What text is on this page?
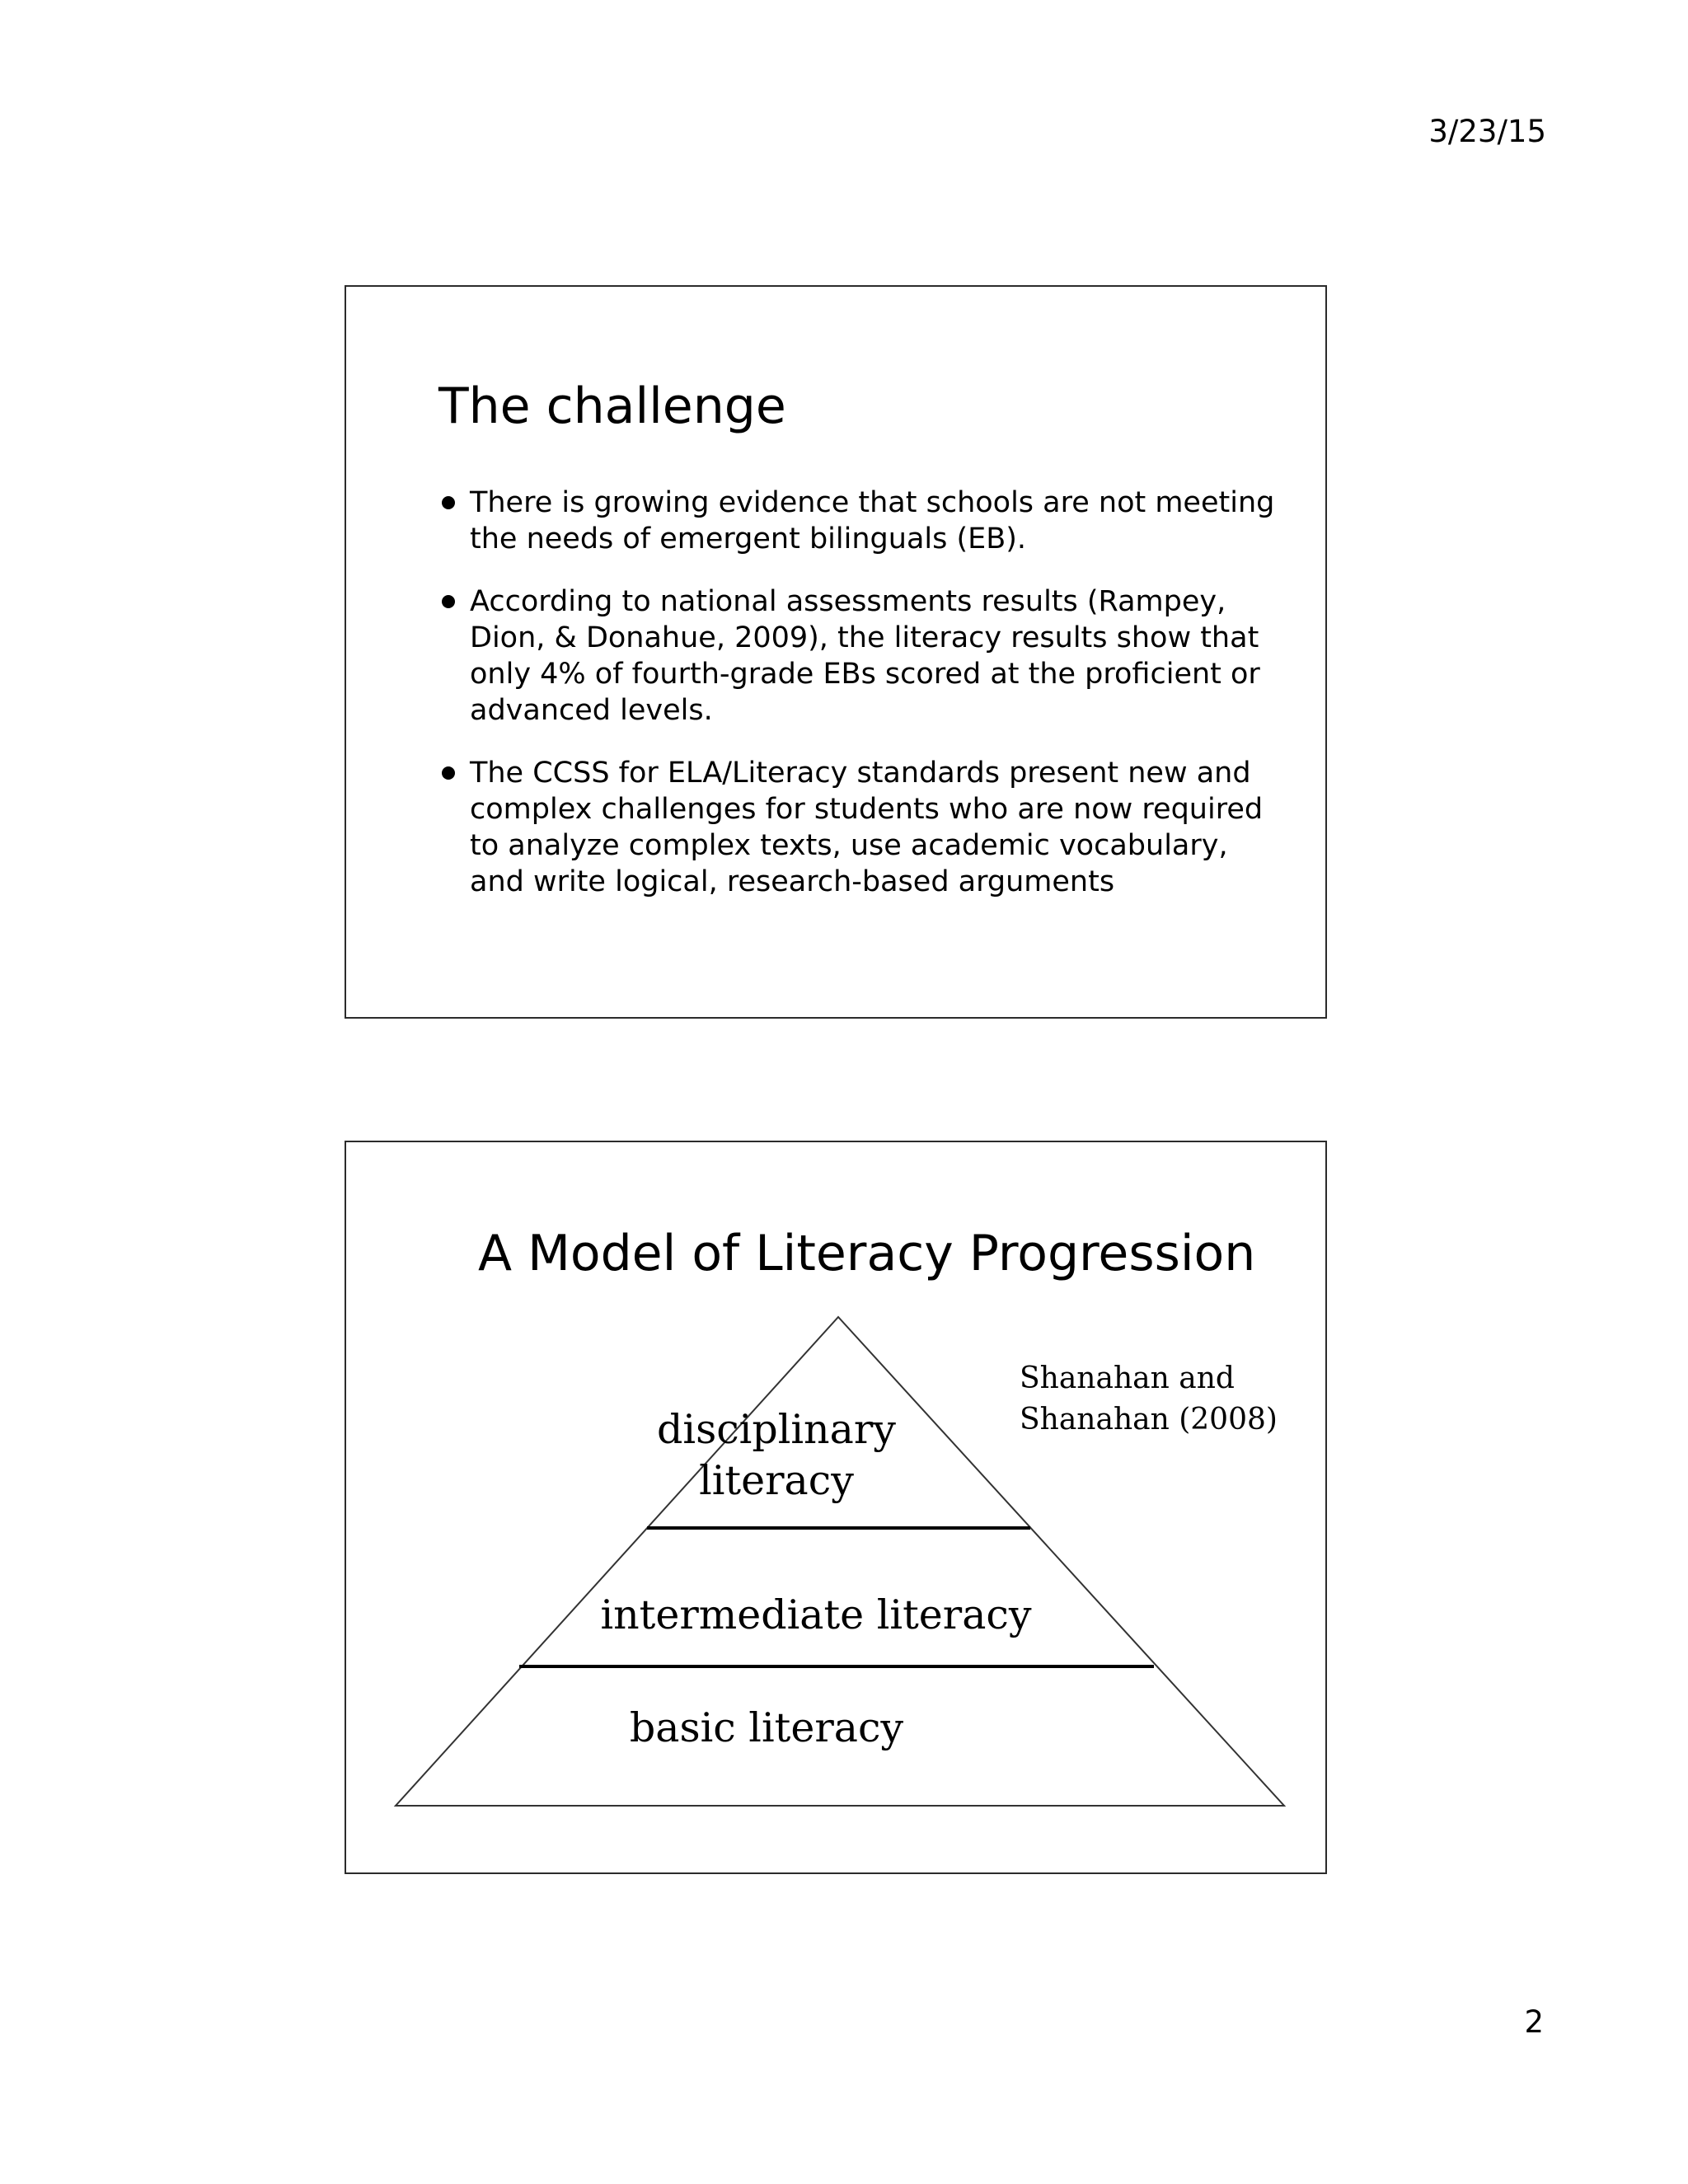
3/23/15
The challenge
There is growing evidence that schools are not meeting the needs of emergent bilinguals (EB).
According to national assessments results (Rampey, Dion, & Donahue, 2009), the literacy results show that only 4% of fourth-grade EBs scored at the proficient or advanced levels.
The CCSS for ELA/Literacy standards present new and complex challenges for students who are now required to analyze complex texts, use academic vocabulary, and write logical, research-based arguments
A Model of Literacy Progression
disciplinary
literacy
intermediate literacy
basic literacy
Shanahan and
Shanahan (2008)
2
